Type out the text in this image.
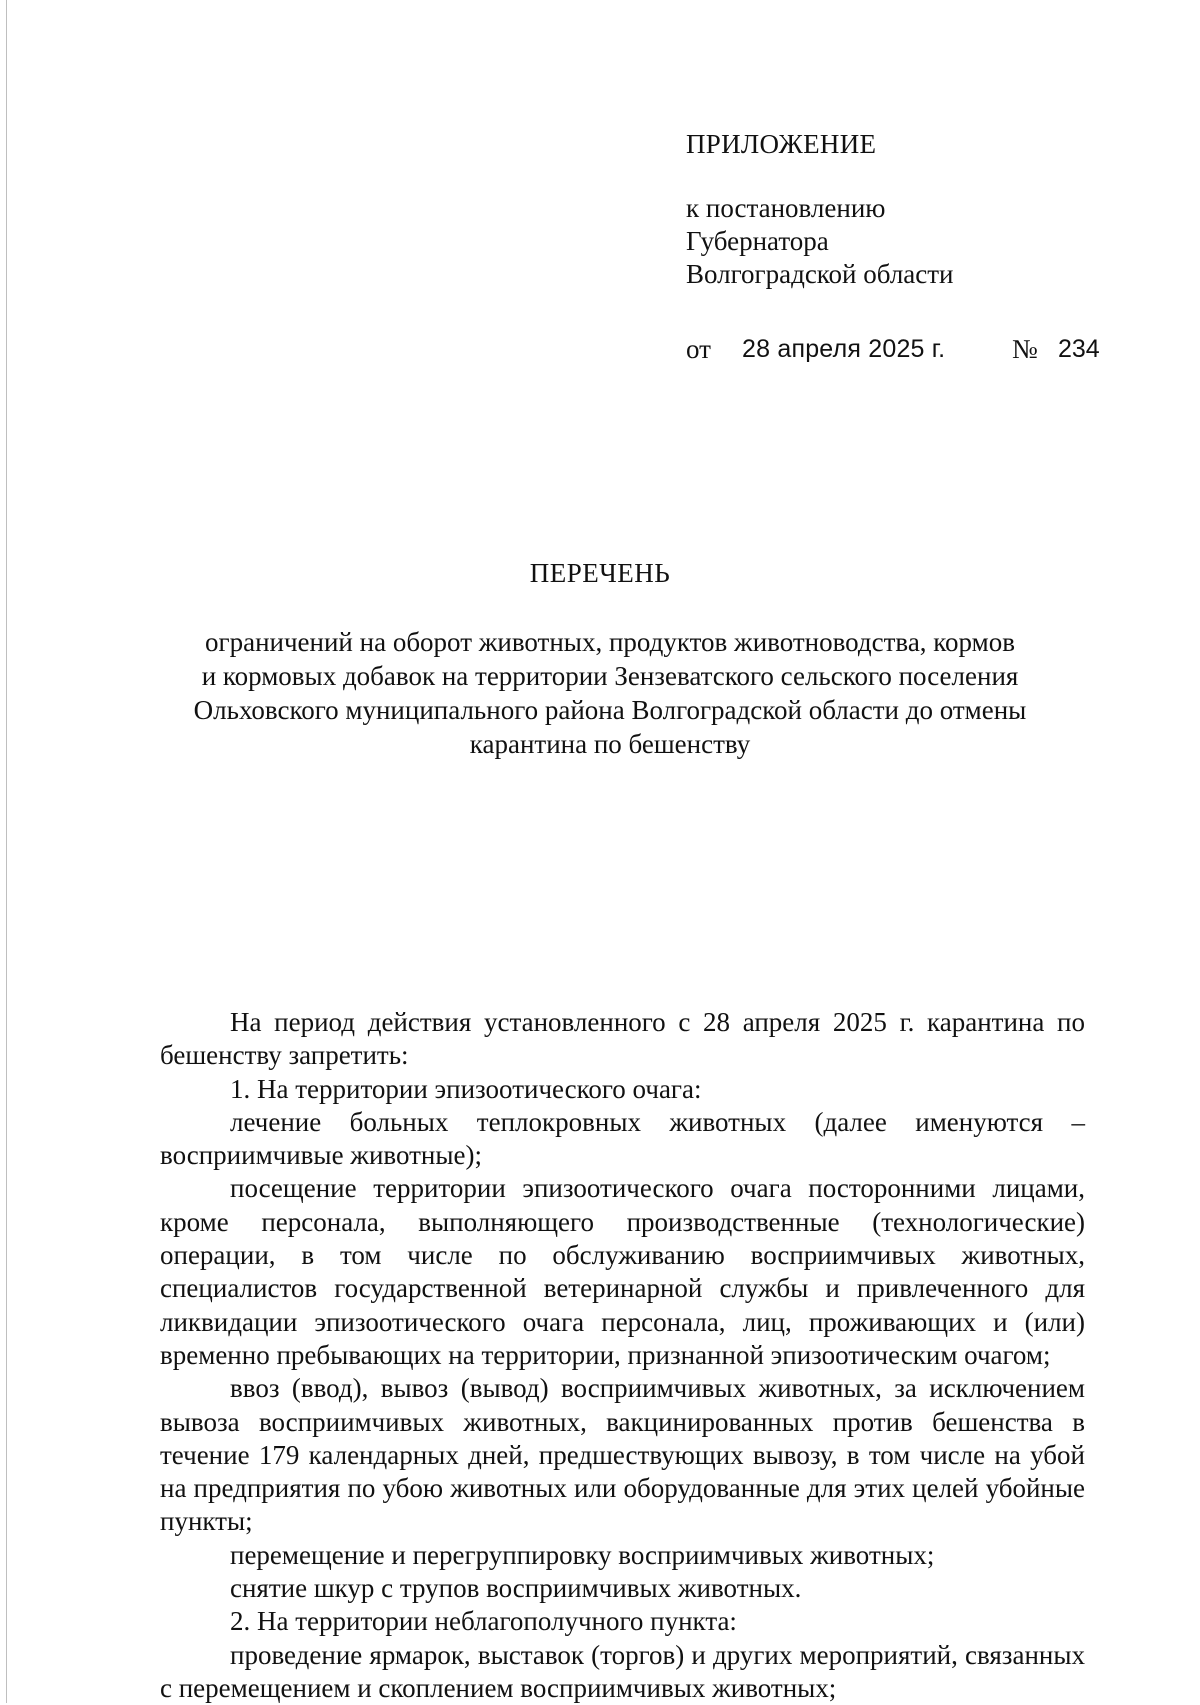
ПРИЛОЖЕНИЕ
к постановлению
Губернатора
Волгоградской области
от 28 апреля 2025 г. № 234
ПЕРЕЧЕНЬ
ограничений на оборот животных, продуктов животноводства, кормов
и кормовых добавок на территории Зензеватского сельского поселения
Ольховского муниципального района Волгоградской области до отмены
карантина по бешенству

На период действия установленного с 28 апреля 2025 г. карантина по бешенству запретить:

1. На территории эпизоотического очага:

лечение больных теплокровных животных (далее именуются – восприимчивые животные);

посещение территории эпизоотического очага посторонними лицами, кроме персонала, выполняющего производственные (технологические) операции, в том числе по обслуживанию восприимчивых животных, специалистов государственной ветеринарной службы и привлеченного для ликвидации эпизоотического очага персонала, лиц, проживающих и (или) временно пребывающих на территории, признанной эпизоотическим очагом;

ввоз (ввод), вывоз (вывод) восприимчивых животных, за исключением вывоза восприимчивых животных, вакцинированных против бешенства в течение 179 календарных дней, предшествующих вывозу, в том числе на убой на предприятия по убою животных или оборудованные для этих целей убойные пункты;

перемещение и перегруппировку восприимчивых животных;

снятие шкур с трупов восприимчивых животных.

2. На территории неблагополучного пункта:

проведение ярмарок, выставок (торгов) и других мероприятий, связанных с перемещением и скоплением восприимчивых животных;
